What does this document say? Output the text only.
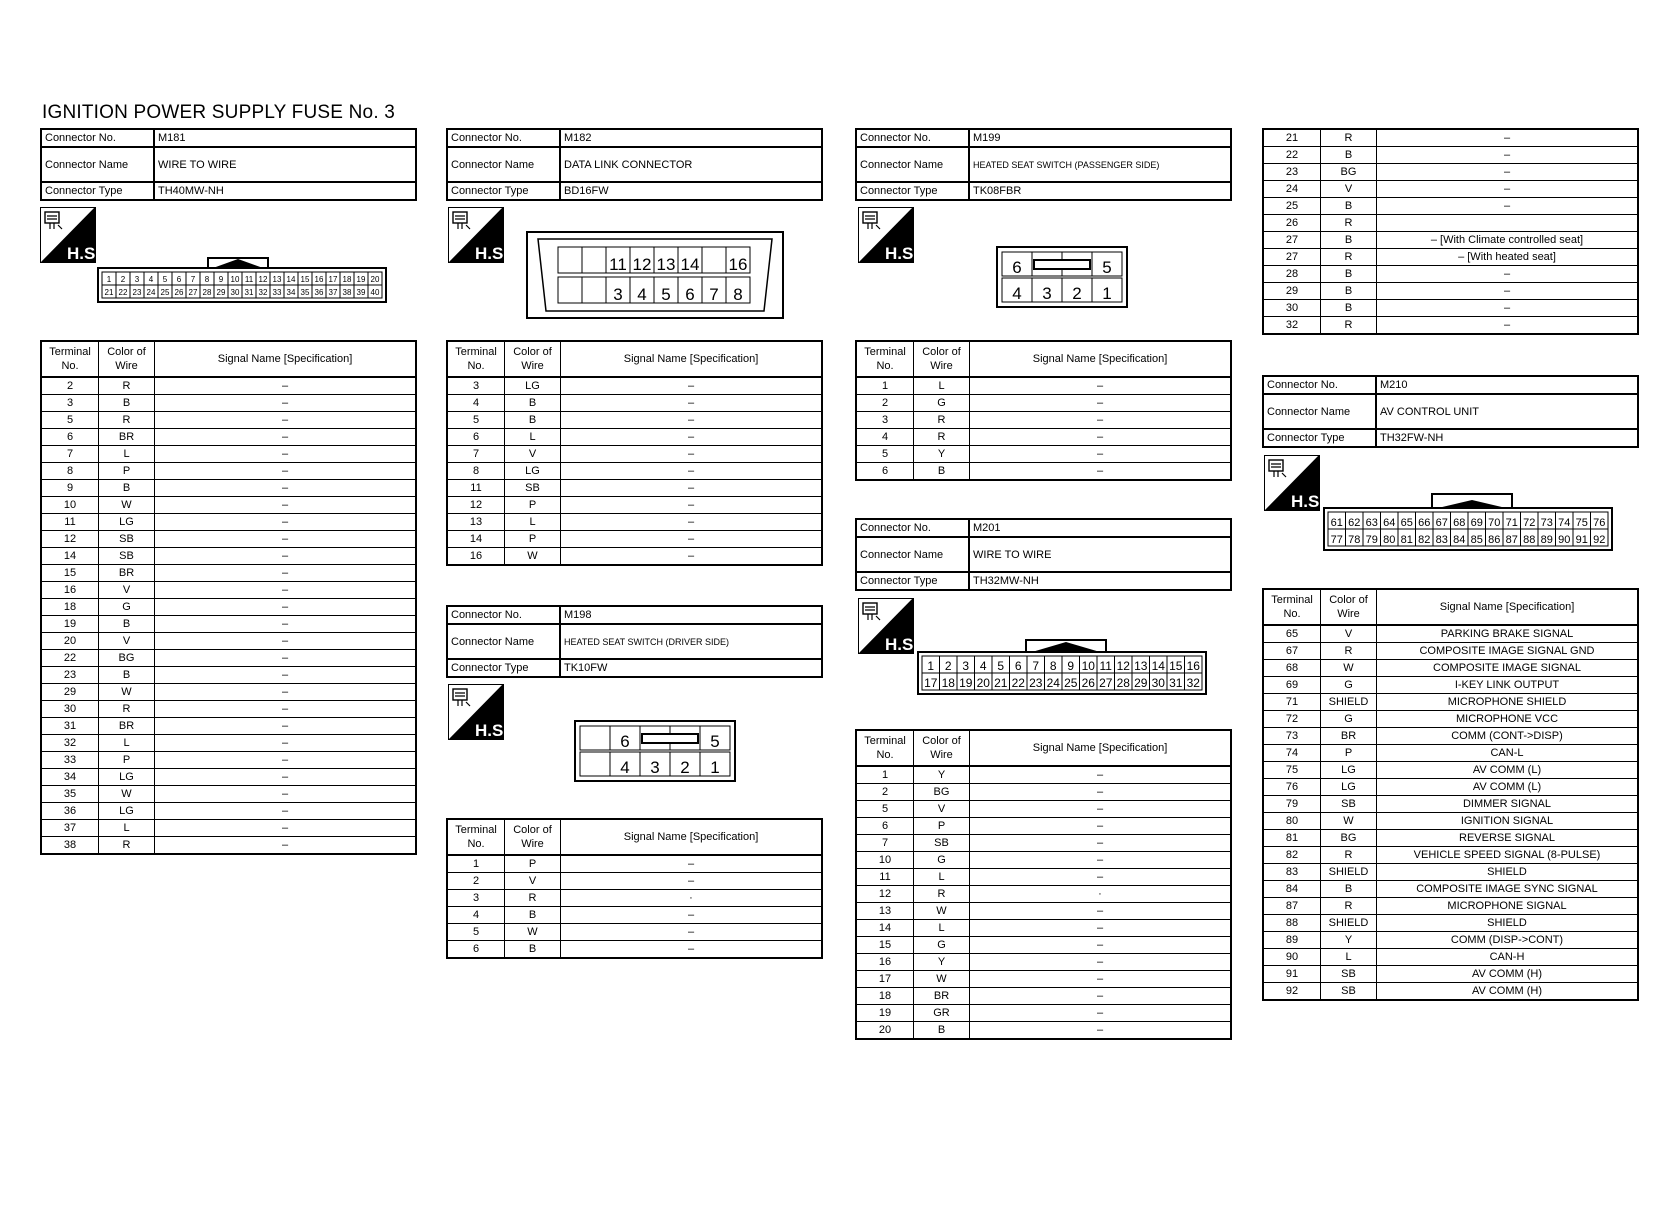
IGNITION POWER SUPPLY FUSE No. 3
Connector No.	M181
Connector Name	WIRE TO WIRE
Connector Type	TH40MW-NH
H.S.
1
21
2
22
3
23
4
24
5
25
6
26
7
27
8
28
9
29
10
30
11
31
12
32
13
33
14
34
15
35
16
36
17
37
18
38
19
39
20
40
Terminal No.	Color of Wire	Signal Name [Specification]
2	R	–
3	B	–
5	R	–
6	BR	–
7	L	–
8	P	–
9	B	–
10	W	–
11	LG	–
12	SB	–
14	SB	–
15	BR	–
16	V	–
18	G	–
19	B	–
20	V	–
22	BG	–
23	B	–
29	W	–
30	R	–
31	BR	–
32	L	–
33	P	–
34	LG	–
35	W	–
36	LG	–
37	L	–
38	R	–
Connector No.	M182
Connector Name	DATA LINK CONNECTOR
Connector Type	BD16FW
H.S.
11
3
12
4
13
5
14
6 7
16
8
Terminal No.	Color of Wire	Signal Name [Specification]
3	LG	–
4	B	–
5	B	–
6	L	–
7	V	–
8	LG	–
11	SB	–
12	P	–
13	L	–
14	P	–
16	W	–
Connector No.	M198
Connector Name	HEATED SEAT SWITCH (DRIVER SIDE)
Connector Type	TK10FW
H.S.
6
4 3 2
5
1
Terminal No.	Color of Wire	Signal Name [Specification]
1	P	–
2	V	–
3	R	·
4	B	–
5	W	–
6	B	–
Connector No.	M199
Connector Name	HEATED SEAT SWITCH (PASSENGER SIDE)
Connector Type	TK08FBR
H.S.
6
4 3 2
5
1
Terminal No.	Color of Wire	Signal Name [Specification]
1	L	–
2	G	–
3	R	–
4	R	–
5	Y	–
6	B	–
Connector No.	M201
Connector Name	WIRE TO WIRE
Connector Type	TH32MW-NH
H.S.
1
17
2
18
3
19
4
20
5
21
6
22
7
23
8
24
9
25
10
26
11
27
12
28
13
29
14
30
15
31
16
32
Terminal No.	Color of Wire	Signal Name [Specification]
1	Y	–
2	BG	–
5	V	–
6	P	–
7	SB	–
10	G	–
11	L	–
12	R	·
13	W	–
14	L	–
15	G	–
16	Y	–
17	W	–
18	BR	–
19	GR	–
20	B	–
21	R	–
22	B	–
23	BG	–
24	V	–
25	B	–
26	R	
27	B	– [With Climate controlled seat]
27	R	– [With heated seat]
28	B	–
29	B	–
30	B	–
32	R	–
Connector No.	M210
Connector Name	AV CONTROL UNIT
Connector Type	TH32FW-NH
H.S.
61
77
62
78
63
79
64
80
65
81
66
82
67
83
68
84
69
85
70
86
71
87
72
88
73
89
74
90
75
91
76
92
Terminal No.	Color of Wire	Signal Name [Specification]
65	V	PARKING BRAKE SIGNAL
67	R	COMPOSITE IMAGE SIGNAL GND
68	W	COMPOSITE IMAGE SIGNAL
69	G	I-KEY LINK OUTPUT
71	SHIELD	MICROPHONE SHIELD
72	G	MICROPHONE VCC
73	BR	COMM (CONT->DISP)
74	P	CAN-L
75	LG	AV COMM (L)
76	LG	AV COMM (L)
79	SB	DIMMER SIGNAL
80	W	IGNITION SIGNAL
81	BG	REVERSE SIGNAL
82	R	VEHICLE SPEED SIGNAL (8-PULSE)
83	SHIELD	SHIELD
84	B	COMPOSITE IMAGE SYNC SIGNAL
87	R	MICROPHONE SIGNAL
88	SHIELD	SHIELD
89	Y	COMM (DISP->CONT)
90	L	CAN-H
91	SB	AV COMM (H)
92	SB	AV COMM (H)
